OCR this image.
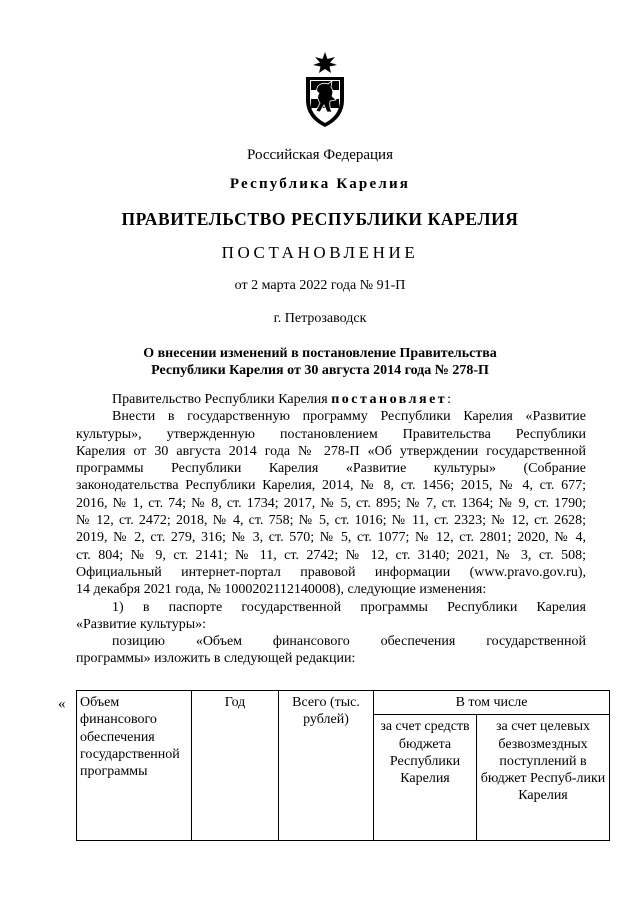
Российская Федерация
Республика Карелия
ПРАВИТЕЛЬСТВО РЕСПУБЛИКИ КАРЕЛИЯ
ПОСТАНОВЛЕНИЕ
от 2 марта 2022 года № 91-П
г. Петрозаводск
О внесении изменений в постановление Правительства
Республики Карелия от 30 августа 2014 года № 278-П

Правительство Республики Карелия постановляет:

Внести в государственную программу Республики Карелия «Развитие
культуры», утвержденную постановлением Правительства Республики
Карелия от 30 августа 2014 года № 278-П «Об утверждении государственной
программы Республики Карелия «Развитие культуры» (Собрание
законодательства Республики Карелия, 2014, № 8, ст. 1456; 2015, № 4, ст. 677;
2016, № 1, ст. 74; № 8, ст. 1734; 2017, № 5, ст. 895; № 7, ст. 1364; № 9, ст. 1790;
№ 12, ст. 2472; 2018, № 4, ст. 758; № 5, ст. 1016; № 11, ст. 2323; № 12, ст. 2628;
2019, № 2, ст. 279, 316; № 3, ст. 570; № 5, ст. 1077; № 12, ст. 2801; 2020, № 4,
ст. 804; № 9, ст. 2141; № 11, ст. 2742; № 12, ст. 3140; 2021, № 3, ст. 508;
Официальный интернет-портал правовой информации (www.pravo.gov.ru),
14 декабря 2021 года, № 1000202112140008), следующие изменения:

1) в паспорте государственной программы Республики Карелия
«Развитие культуры»:

позицию «Объем финансового обеспечения государственной
программы» изложить в следующей редакции:

« Объем финансового обеспечения государственной программы	Год	Всего (тыс. рублей)	В том числе	
			за счет средств бюджета Республики Карелия	за счет целевых безвозмездных поступлений в бюджет Респуб-лики Карелия
